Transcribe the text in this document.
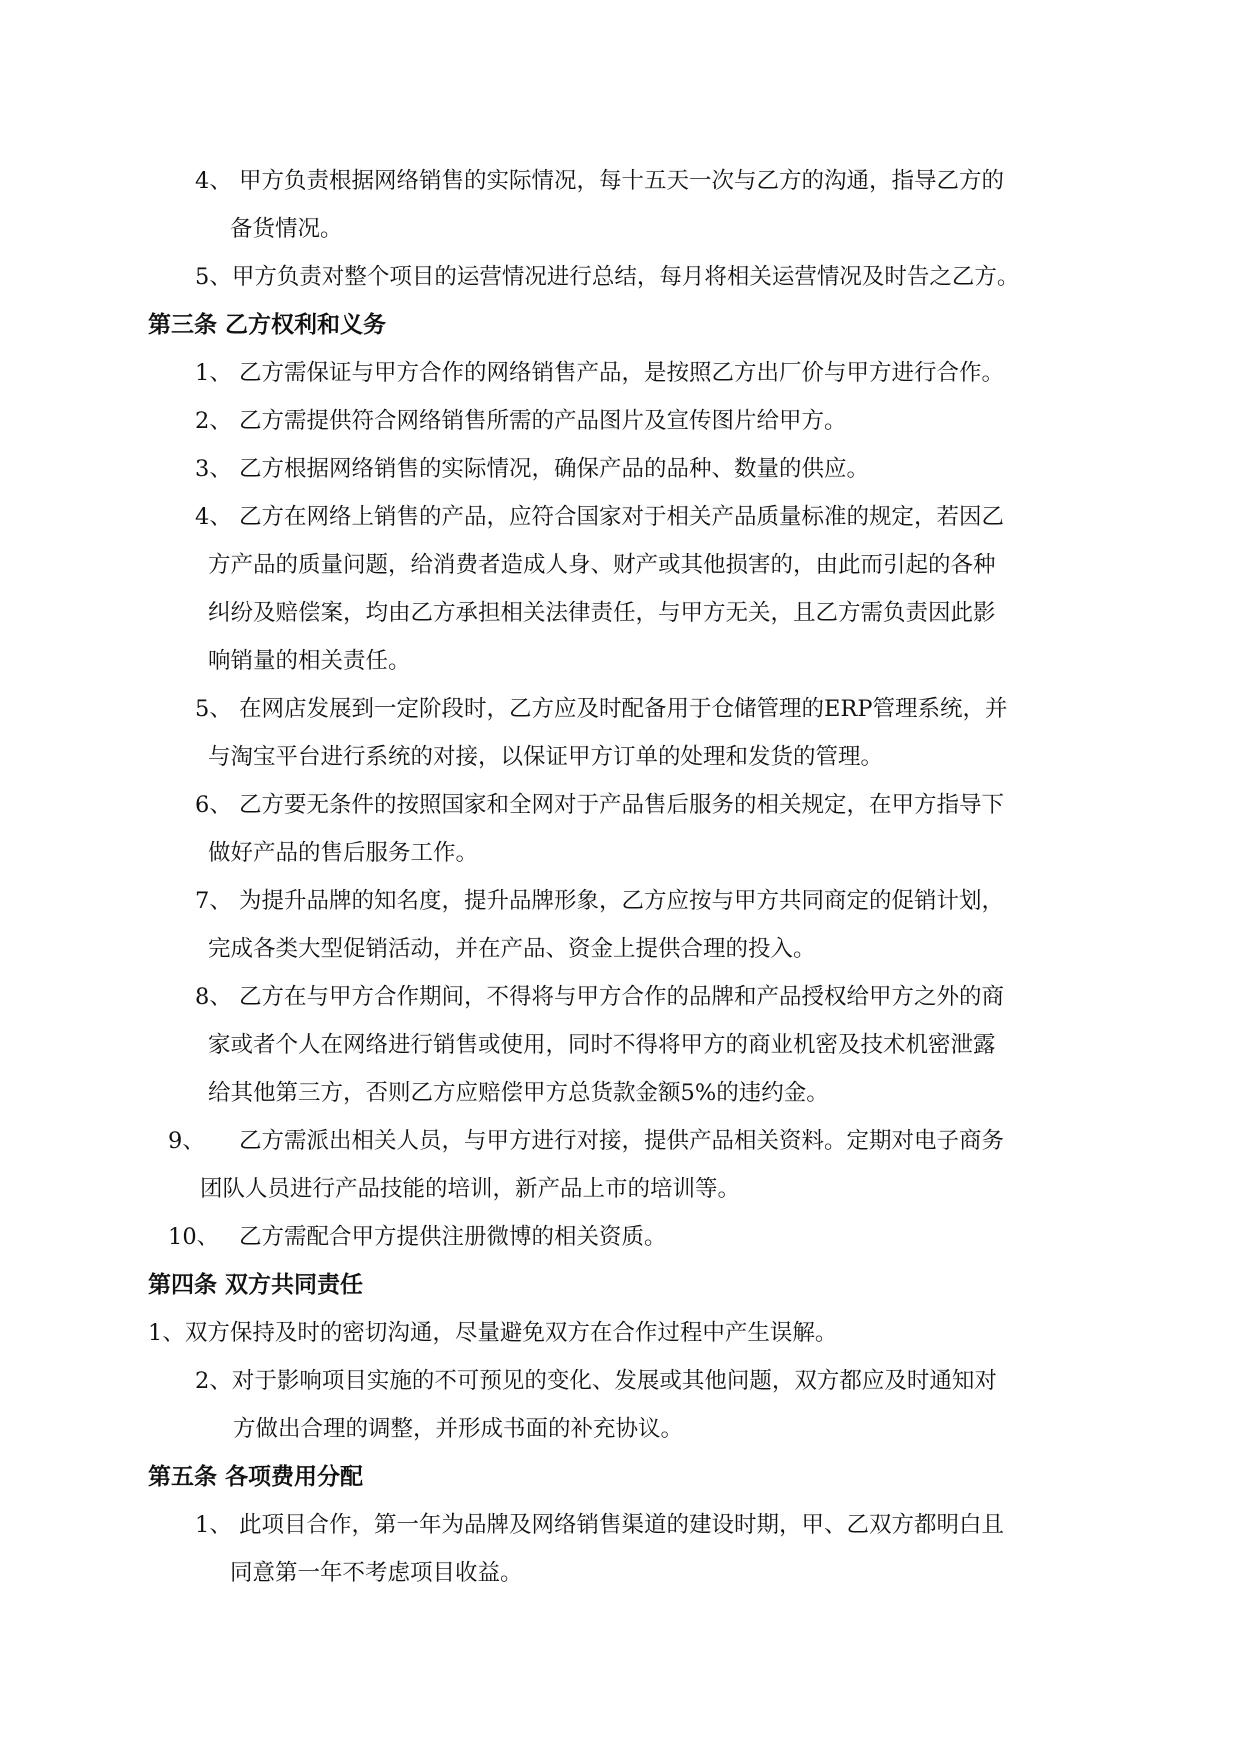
4、 甲方负责根据网络销售的实际情况，每十五天一次与乙方的沟通，指导乙方的
备货情况。
5、甲方负责对整个项目的运营情况进行总结，每月将相关运营情况及时告之乙方。
第三条 乙方权利和义务
1、 乙方需保证与甲方合作的网络销售产品，是按照乙方出厂价与甲方进行合作。
2、 乙方需提供符合网络销售所需的产品图片及宣传图片给甲方。
3、 乙方根据网络销售的实际情况，确保产品的品种、数量的供应。
4、 乙方在网络上销售的产品，应符合国家对于相关产品质量标准的规定，若因乙
方产品的质量问题，给消费者造成人身、财产或其他损害的，由此而引起的各种
纠纷及赔偿案，均由乙方承担相关法律责任，与甲方无关，且乙方需负责因此影
响销量的相关责任。
5、 在网店发展到一定阶段时，乙方应及时配备用于仓储管理的ERP管理系统，并
与淘宝平台进行系统的对接，以保证甲方订单的处理和发货的管理。
6、 乙方要无条件的按照国家和全网对于产品售后服务的相关规定，在甲方指导下
做好产品的售后服务工作。
7、 为提升品牌的知名度，提升品牌形象，乙方应按与甲方共同商定的促销计划，
完成各类大型促销活动，并在产品、资金上提供合理的投入。
8、 乙方在与甲方合作期间，不得将与甲方合作的品牌和产品授权给甲方之外的商
家或者个人在网络进行销售或使用，同时不得将甲方的商业机密及技术机密泄露
给其他第三方，否则乙方应赔偿甲方总货款金额5%的违约金。
9、 乙方需派出相关人员，与甲方进行对接，提供产品相关资料。定期对电子商务
团队人员进行产品技能的培训，新产品上市的培训等。
10、 乙方需配合甲方提供注册微博的相关资质。
第四条 双方共同责任
1、双方保持及时的密切沟通，尽量避免双方在合作过程中产生误解。
2、对于影响项目实施的不可预见的变化、发展或其他问题，双方都应及时通知对
方做出合理的调整，并形成书面的补充协议。
第五条 各项费用分配
1、 此项目合作，第一年为品牌及网络销售渠道的建设时期，甲、乙双方都明白且
同意第一年不考虑项目收益。
